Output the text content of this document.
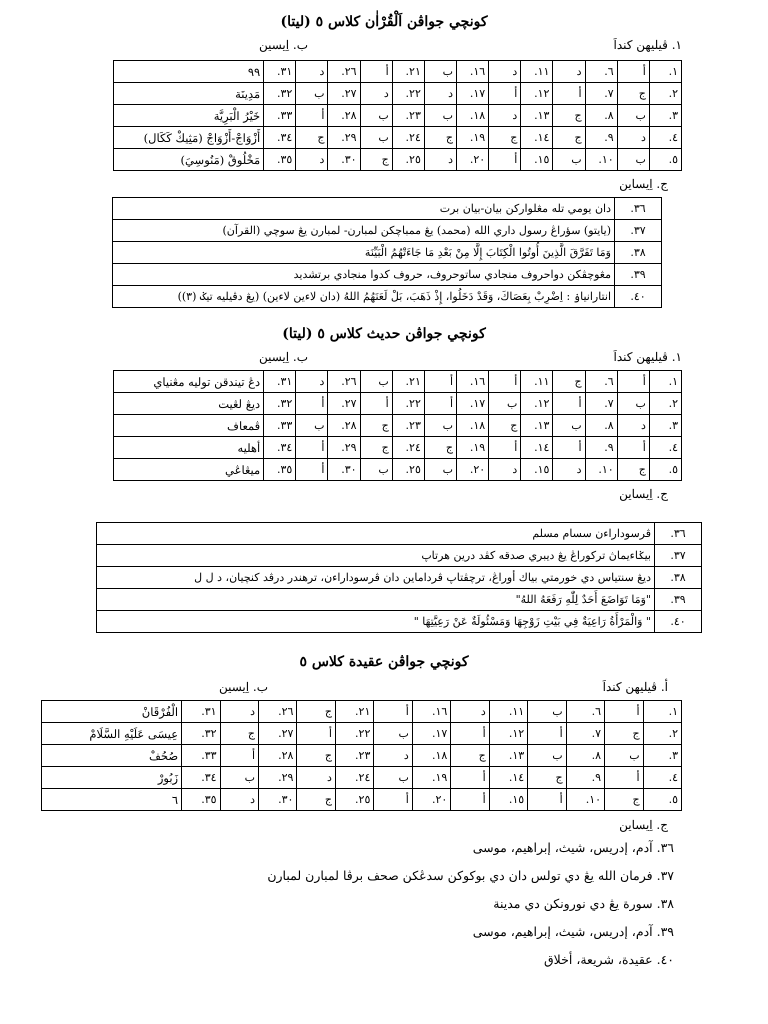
کونچي جواڤن اَلْقُرْاٰن کلاس ٥ (ليتا)
١. ڤيليهن کنداَ
ب. اِيسين
١.	أ	٦.	د	١١.	د	١٦.	ب	٢١.	أ	٢٦.	د	٣١.	٩٩
٢.	ج	٧.	أ	١٢.	أ	١٧.	د	٢٢.	د	٢٧.	ب	٣٢.	مَدِينَة
٣.	ب	٨.	ج	١٣.	د	١٨.	ب	٢٣.	ب	٢٨.	أ	٣٣.	خَيْرُ الْبَرِيَّة
٤.	د	٩.	ج	١٤.	ج	١٩.	ج	٢٤.	ب	٢٩.	ج	٣٤.	أَزْوَاجْ-أَزْوَاجْ (مَثِيكْ كَكَال)
٥.	ب	١٠.	ب	١٥.	أ	٢٠.	د	٢٥.	ج	٣٠.	د	٣٥.	مَخْلُوقْ (مَنُوسِيَ)
ج. اِيساين
٣٦.	دان يومي تله مڠلواركن بيان-بيان برت
٣٧.	(يايتو) سؤراڠ رسول داري الله (محمد) يڠ ممباچكن لمبارن- لمبارن يڠ سوچي (القرآن)
٣٨.	وَمَا تَفَرَّقَ الَّذِينَ أُوتُوا الْكِتَابَ إِلَّا مِنْ بَعْدِ مَا جَاءَتْهُمُ الْبَيِّنَة
٣٩.	مڠوچڤکن دواحروف منجادي ساتوحروف، حروف کدوا منجادي برتشديد
٤٠.	انتارانياۏ : اِضْرِبْ بِعَصَاكَ، وَقَدْ دَخَلُوا، إِذْ ذَهَبَ، بَلْ لَعَنَهُمُ اللهُ (دان لاءين لاءين) (يڠ دڤيليه تيݢ (٣))
کونچي جواڤن حديث کلاس ٥ (ليتا)
١. ڤيليهن کنداَ
ب. اِيسين
١.	أ	٦.	ج	١١.	أ	١٦.	أ	٢١.	ب	٢٦.	د	٣١.	دڠ تيندقن توليه مڠنياي
٢.	ب	٧.	أ	١٢.	ب	١٧.	أ	٢٢.	أ	٢٧.	أ	٣٢.	ديڠ لڠيت
٣.	د	٨.	ب	١٣.	ج	١٨.	ب	٢٣.	ج	٢٨.	ب	٣٣.	ڤمعاف
٤.	أ	٩.	أ	١٤.	أ	١٩.	ج	٢٤.	ج	٢٩.	أ	٣٤.	أهليه
٥.	ج	١٠.	د	١٥.	د	٢٠.	ب	٢٥.	ب	٣٠.	أ	٣٥.	ميڠاڠي
ج. اِيساين
٣٦.	ڤرسوداراءن سسام مسلم
٣٧.	بيݢاءيماڽ ترکوراڠ يڠ ديبري صدقه کڤد درين هرتاپ
٣٨.	ديڠ سنتياس دي خورمتي بياك أوراڠ، ترچڤتاپ ڤرداماين دان ڤرسوداراءن، ترهندر درڤد کنچيان، د ل ل
٣٩.	"وَمَا تَوَاضَعَ أَحَدٌ لِلّٰهِ رَفَعَهُ اللهُ"
٤٠.	" وَالْمَرْأَةُ رَاعِيَةٌ فِي بَيْتِ زَوْجِهَا وَمَسْئُولَةٌ عَنْ رَعِيَّتِهَا "
کونچي جواڤن عقيدة کلاس ٥
أ. ڤيليهن کنداَ
ب. اِيسين
١.	أ	٦.	ب	١١.	د	١٦.	أ	٢١.	ج	٢٦.	د	٣١.	الْفُرْقَانْ
٢.	ج	٧.	أ	١٢.	أ	١٧.	ب	٢٢.	أ	٢٧.	ج	٣٢.	عِيسَى عَلَيْهِ السَّلَامْ
٣.	ب	٨.	ب	١٣.	ج	١٨.	د	٢٣.	ج	٢٨.	أ	٣٣.	صُحُفْ
٤.	أ	٩.	ج	١٤.	أ	١٩.	ب	٢٤.	د	٢٩.	ب	٣٤.	زَبُورْ
٥.	ج	١٠.	أ	١٥.	أ	٢٠.	أ	٢٥.	ج	٣٠.	د	٣٥.	٦
ج. اِيساين
٣٦. آدم، إدريس، شيث، إبراهيم، موسى
٣٧. فرمان الله يڠ دي تولس دان دي بوکوکن سدڠکن صحف برڤا لمبارن لمبارن
٣٨. سورة يڠ دي نورونکن دي مدينة
٣٩. آدم، إدريس، شيث، إبراهيم، موسى
٤٠. عقيدة، شريعة، أخلاق
